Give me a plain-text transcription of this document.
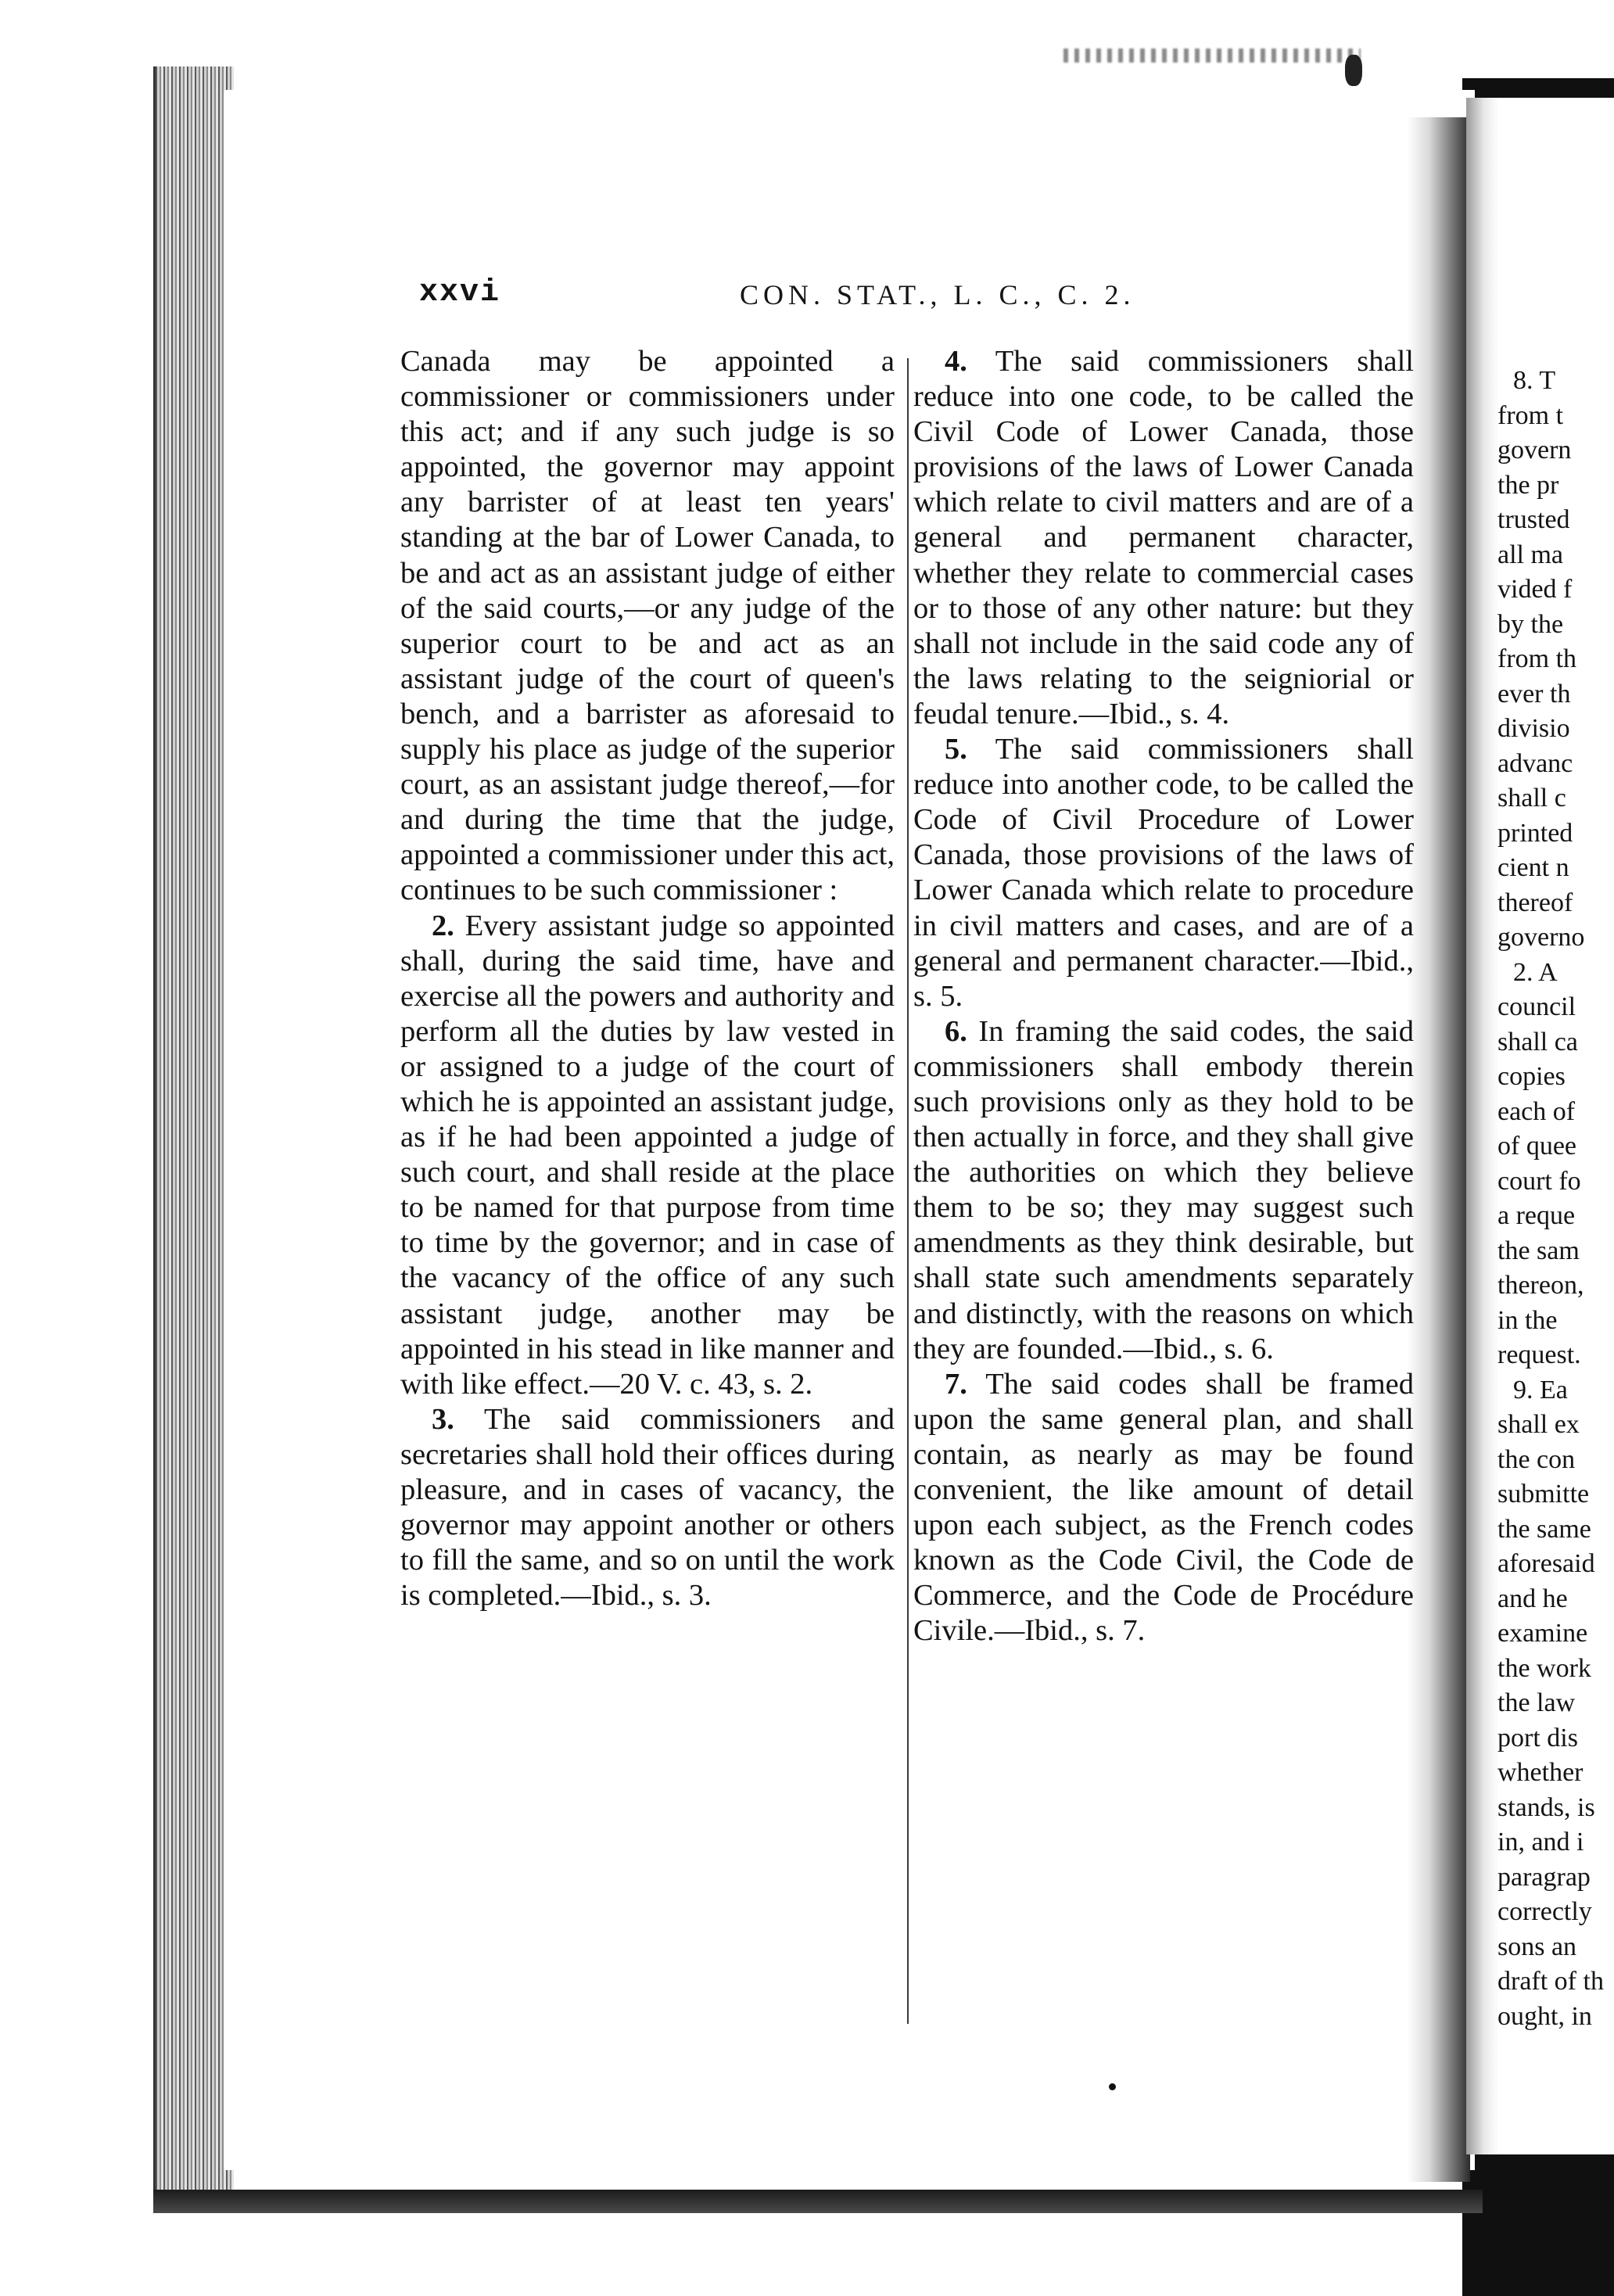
8. T
from t
govern
the pr
trusted
all ma
vided f
by the
from th
ever th
divisio
advanc
shall c
printed
cient n
thereof
governo
2. A
council
shall ca
copies
each of
of quee
court fo
a reque
the sam
thereon,
in the
request.
9. Ea
shall ex
the con
submitte
the same
aforesaid
and he
examine
the work
the law
port dis
whether
stands, is
in, and i
paragrap
correctly
sons an
draft of th
ought, in
xxvi	CON. STAT., L. C., C. 2.

Canada may be appointed a commissioner or commissioners under this act; and if any such judge is so appointed, the governor may appoint any barrister of at least ten years' standing at the bar of Lower Canada, to be and act as an assistant judge of either of the said courts,—or any judge of the superior court to be and act as an assistant judge of the court of queen's bench, and a barrister as aforesaid to supply his place as judge of the superior court, as an assistant judge thereof,—for and during the time that the judge, appointed a commissioner under this act, continues to be such commissioner :

2. Every assistant judge so appointed shall, during the said time, have and exercise all the powers and authority and perform all the duties by law vested in or assigned to a judge of the court of which he is appointed an assistant judge, as if he had been appointed a judge of such court, and shall reside at the place to be named for that purpose from time to time by the governor; and in case of the vacancy of the office of any such assistant judge, another may be appointed in his stead in like manner and with like effect.—20 V. c. 43, s. 2.

3. The said commissioners and secretaries shall hold their offices during pleasure, and in cases of vacancy, the governor may appoint another or others to fill the same, and so on until the work is completed.—Ibid., s. 3.

4. The said commissioners shall reduce into one code, to be called the Civil Code of Lower Canada, those provisions of the laws of Lower Canada which relate to civil matters and are of a general and permanent character, whether they relate to commercial cases or to those of any other nature: but they shall not include in the said code any of the laws relating to the seigniorial or feudal tenure.—Ibid., s. 4.

5. The said commissioners shall reduce into another code, to be called the Code of Civil Procedure of Lower Canada, those provisions of the laws of Lower Canada which relate to procedure in civil matters and cases, and are of a general and permanent character.—Ibid., s. 5.

6. In framing the said codes, the said commissioners shall embody therein such provisions only as they hold to be then actually in force, and they shall give the authorities on which they believe them to be so; they may suggest such amendments as they think desirable, but shall state such amendments separately and distinctly, with the reasons on which they are founded.—Ibid., s. 6.

7. The said codes shall be framed upon the same general plan, and shall contain, as nearly as may be found convenient, the like amount of detail upon each subject, as the French codes known as the Code Civil, the Code de Commerce, and the Code de Procédure Civile.—Ibid., s. 7.
